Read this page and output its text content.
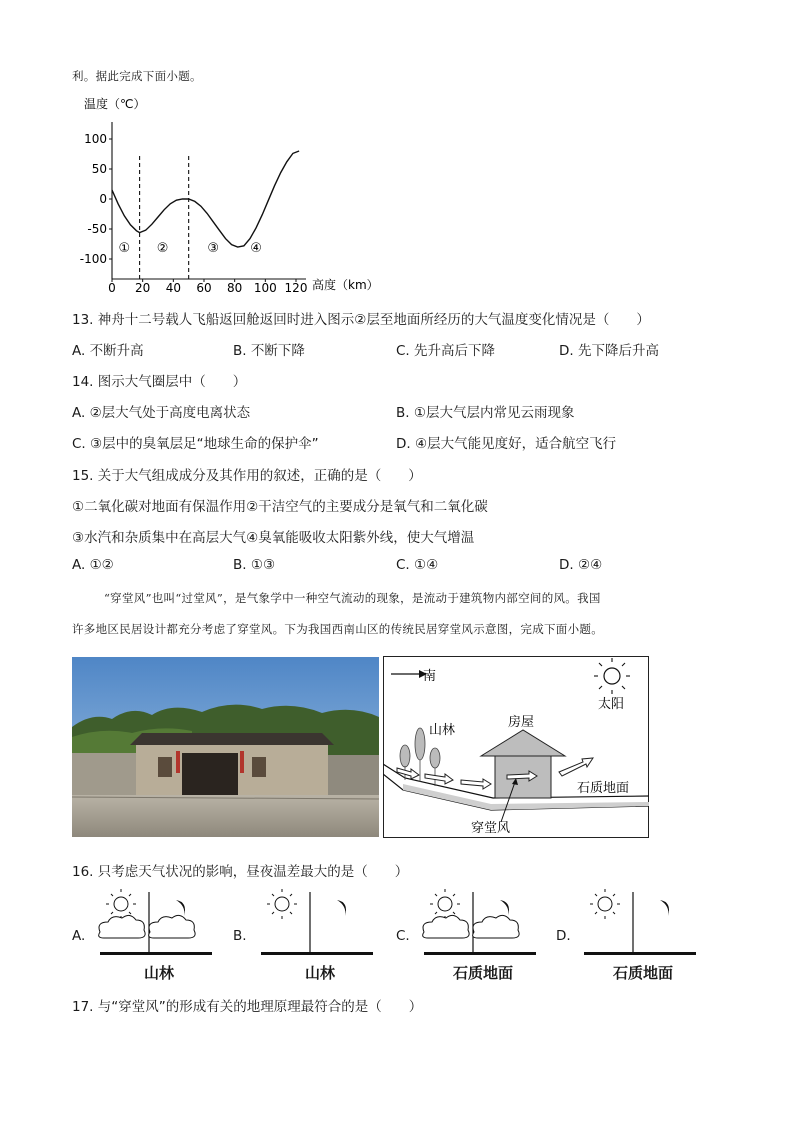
利。据此完成下面小题。
温度（℃）
高度（km）
100
50
0
-50
-100
0 20 40 60 80 100 120
① ②	③ ④
13. 神舟十二号载人飞船返回舱返回时进入图示②层至地面所经历的大气温度变化情况是（　　）
A. 不断升高	B. 不断下降	C. 先升高后下降	D. 先下降后升高
14. 图示大气圈层中（　　）
A. ②层大气处于高度电离状态	B. ①层大气层内常见云雨现象
C. ③层中的臭氧层足“地球生命的保护伞”	D. ④层大气能见度好，适合航空飞行
15. 关于大气组成成分及其作用的叙述，正确的是（　　）
①二氧化碳对地面有保温作用②干洁空气的主要成分是氧气和二氧化碳
③水汽和杂质集中在高层大气④臭氧能吸收太阳紫外线，使大气增温
A. ①②	B. ①③	C. ①④	D. ②④
“穿堂风”也叫“过堂风”，是气象学中一种空气流动的现象，是流动于建筑物内部空间的风。我国
许多地区民居设计都充分考虑了穿堂风。下为我国西南山区的传统民居穿堂风示意图，完成下面小题。
南
太阳
山林
房屋
石质地面
穿堂风
16. 只考虑天气状况的影响，昼夜温差最大的是（　　）
A.
山林
B.
山林
C.
石质地面
D.
石质地面
17. 与“穿堂风”的形成有关的地理原理最符合的是（　　）
